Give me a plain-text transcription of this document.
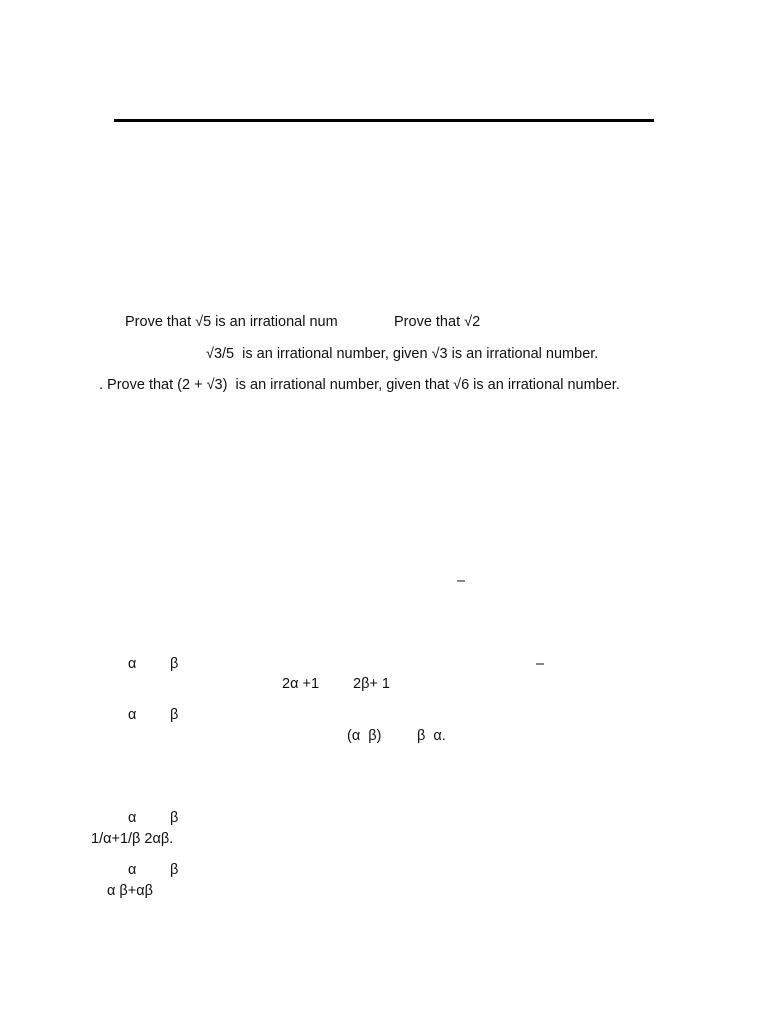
Prove that √5 is an irrational num	Prove that √2
√3/5  is an irrational number, given √3 is an irrational number.
. Prove that (2 + √3)  is an irrational number, given that √6 is an irrational number.
–
α β	–
2α +1 2β+ 1
α β
(α  β) β  α.
α β
1/α+1/β 2αβ.
α β
α β+αβ
